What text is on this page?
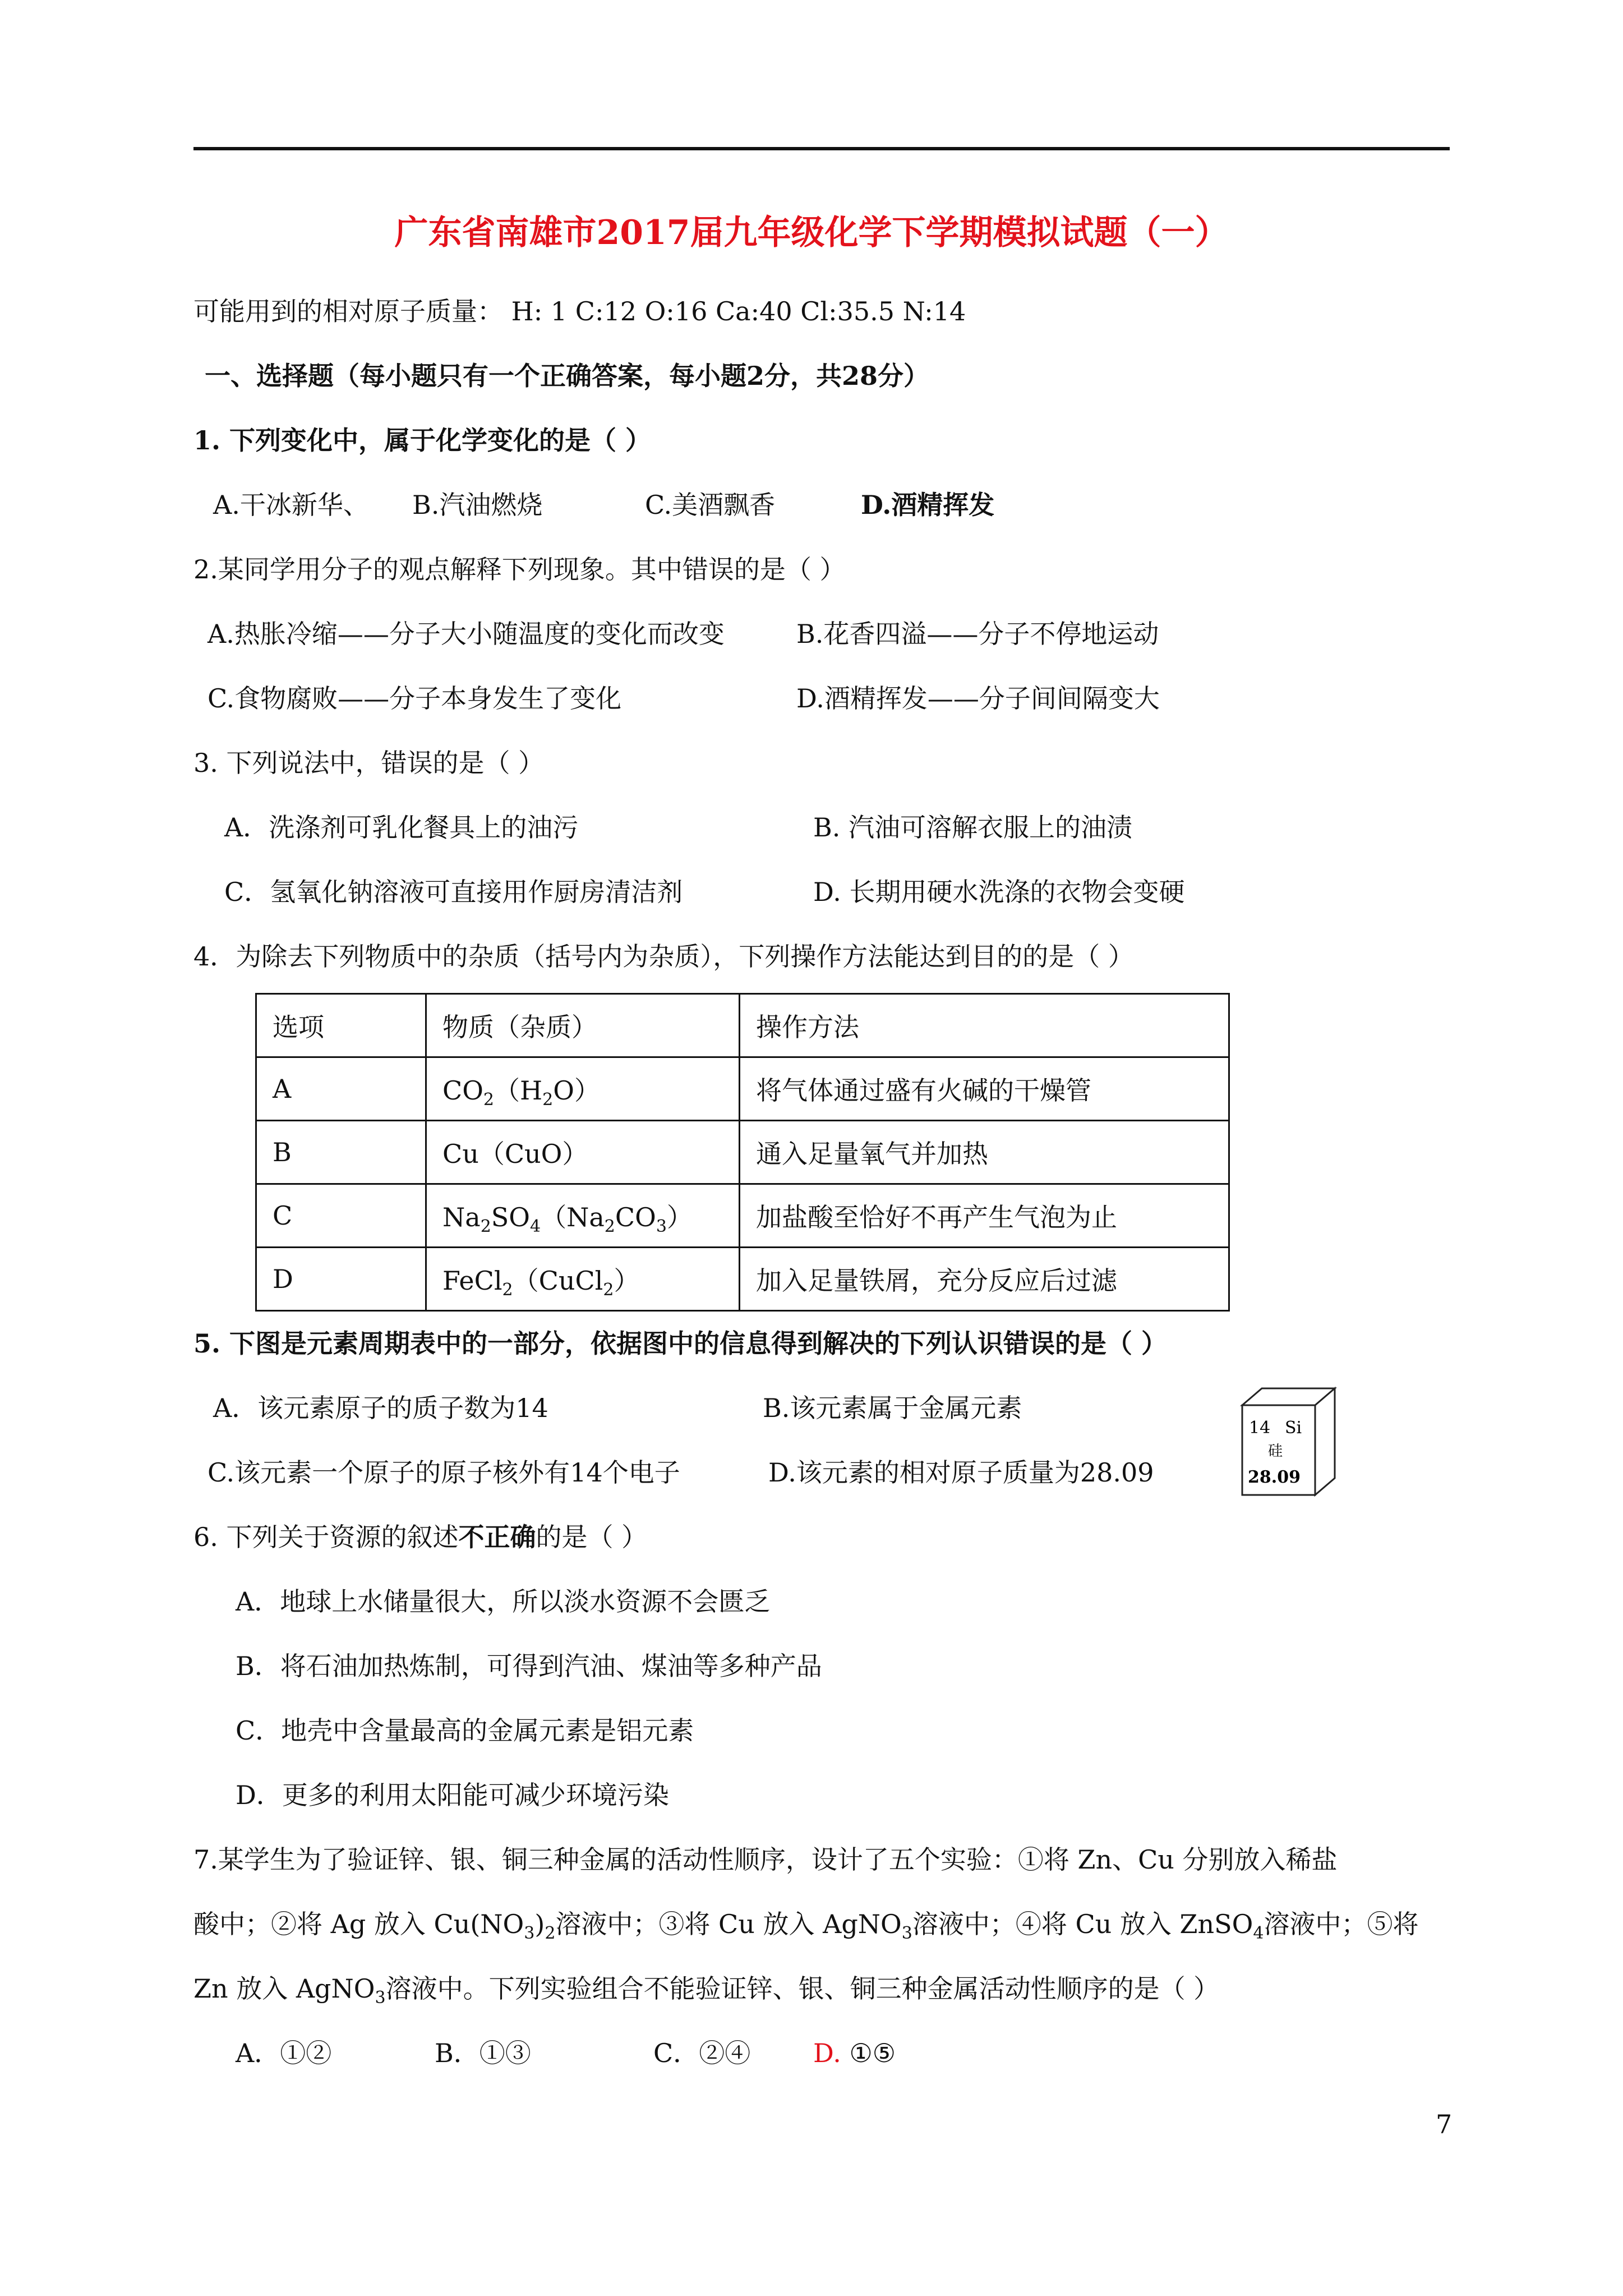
广东省南雄市2017届九年级化学下学期模拟试题（一）
可能用到的相对原子质量： H: 1 C:12 O:16 Ca:40 Cl:35.5 N:14
一、选择题（每小题只有一个正确答案，每小题2分，共28分）
1. 下列变化中，属于化学变化的是（ ）
A.干冰新华、 B.汽油燃烧	C.美酒飘香	D.酒精挥发
2.某同学用分子的观点解释下列现象。其中错误的是（ ）
A.热胀冷缩——分子大小随温度的变化而改变	B.花香四溢——分子不停地运动
C.食物腐败——分子本身发生了变化	D.酒精挥发——分子间间隔变大
3. 下列说法中，错误的是（ ）
A．洗涤剂可乳化餐具上的油污	B. 汽油可溶解衣服上的油渍
C．氢氧化钠溶液可直接用作厨房清洁剂	D. 长期用硬水洗涤的衣物会变硬
4．为除去下列物质中的杂质（括号内为杂质），下列操作方法能达到目的的是（ ）
选项	物质（杂质）	操作方法
A	$CO_2(H_2O)$	将气体通过盛有火碱的干燥管
B	Cu（CuO）	通入足量氧气并加热
C	$Na_2SO_4(Na_2CO_3)$	加盐酸至恰好不再产生气泡为止
D	FeCl$_2$（CuCl$_2$）	加入足量铁屑，充分反应后过滤
5. 下图是元素周期表中的一部分，依据图中的信息得到解决的下列认识错误的是（ ）
A．该元素原子的质子数为14	B.该元素属于金属元素
C.该元素一个原子的原子核外有14个电子	D.该元素的相对原子质量为28.09
14 Si
硅
28.09
6. 下列关于资源的叙述不正确的是（ ）
A．地球上水储量很大，所以淡水资源不会匮乏
B．将石油加热炼制，可得到汽油、煤油等多种产品
C．地壳中含量最高的金属元素是铝元素
D．更多的利用太阳能可减少环境污染
7.某学生为了验证锌、银、铜三种金属的活动性顺序，设计了五个实验：①将 Zn、Cu 分别放入稀盐
酸中；②将 Ag 放入 $Cu(NO_3)_2$溶液中；③将 Cu 放入 AgNO$_3$溶液中；④将 Cu 放入 ZnSO$_4$溶液中；⑤将
Zn 放入 AgNO$_3$溶液中。下列实验组合不能验证锌、银、铜三种金属活动性顺序的是（ ）
A．①②	B．①③	C．②④ D. ①⑤
7
